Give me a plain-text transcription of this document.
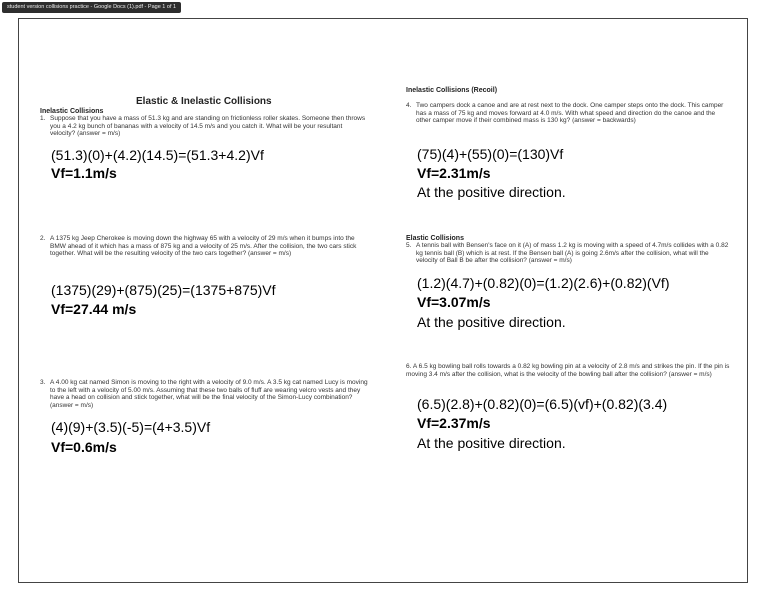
student version collisions practice - Google Docs (1).pdf - Page 1 of 1
Elastic & Inelastic Collisions
Inelastic Collisions
1. Suppose that you have a mass of 51.3 kg and are standing on frictionless roller skates. Someone then throws you a 4.2 kg bunch of bananas with a velocity of 14.5 m/s and you catch it. What will be your resultant velocity? (answer = m/s)
(51.3)(0)+(4.2)(14.5)=(51.3+4.2)Vf
Vf=1.1m/s
2. A 1375 kg Jeep Cherokee is moving down the highway 65 with a velocity of 29 m/s when it bumps into the BMW ahead of it which has a mass of 875 kg and a velocity of 25 m/s. After the collision, the two cars stick together. What will be the resulting velocity of the two cars together? (answer = m/s)
(1375)(29)+(875)(25)=(1375+875)Vf
Vf=27.44 m/s
3. A 4.00 kg cat named Simon is moving to the right with a velocity of 9.0 m/s. A 3.5 kg cat named Lucy is moving to the left with a velocity of 5.00 m/s. Assuming that these two balls of fluff are wearing velcro vests and they have a head on collision and stick together, what will be the final velocity of the Simon-Lucy combination? (answer = m/s)
(4)(9)+(3.5)(-5)=(4+3.5)Vf
Vf=0.6m/s
Inelastic Collisions (Recoil)
4. Two campers dock a canoe and are at rest next to the dock. One camper steps onto the dock. This camper has a mass of 75 kg and moves forward at 4.0 m/s. With what speed and direction do the canoe and the other camper move if their combined mass is 130 kg? (answer = backwards)
(75)(4)+(55)(0)=(130)Vf
Vf=2.31m/s
At the positive direction.
Elastic Collisions
5. A tennis ball with Bensen's face on it (A) of mass 1.2 kg is moving with a speed of 4.7m/s collides with a 0.82 kg tennis ball (B) which is at rest. If the Bensen ball (A) is going 2.6m/s after the collision, what will the velocity of Ball B be after the collision? (answer = m/s)
(1.2)(4.7)+(0.82)(0)=(1.2)(2.6)+(0.82)(Vf)
Vf=3.07m/s
At the positive direction.
6. A 6.5 kg bowling ball rolls towards a 0.82 kg bowling pin at a velocity of 2.8 m/s and strikes the pin. If the pin is moving 3.4 m/s after the collision, what is the velocity of the bowling ball after the collision? (answer = m/s)
(6.5)(2.8)+(0.82)(0)=(6.5)(vf)+(0.82)(3.4)
Vf=2.37m/s
At the positive direction.
